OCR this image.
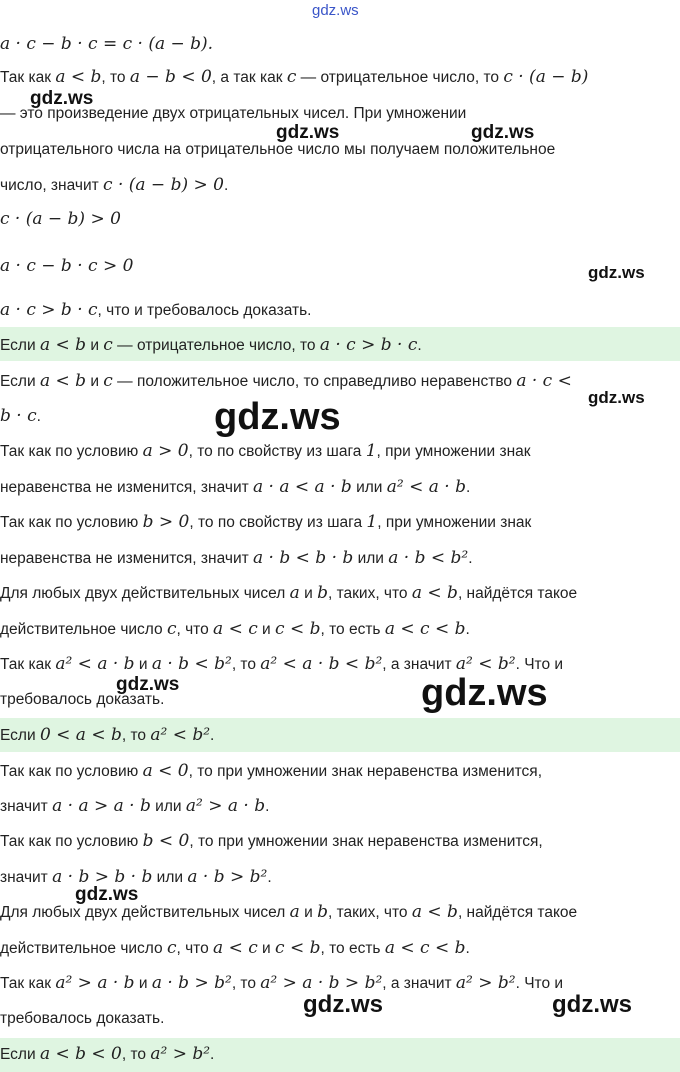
a · c − b · c = c · (a − b).
Так как a < b, то a − b < 0, а так как c — отрицательное число, то c · (a − b)
— это произведение двух отрицательных чисел. При умножении
отрицательного числа на отрицательное число мы получаем положительное
число, значит c · (a − b) > 0.
c · (a − b) > 0
a · c − b · c > 0
a · c > b · c, что и требовалось доказать.
Если a < b и c — отрицательное число, то a · c > b · c.
Если a < b и c — положительное число, то справедливо неравенство a · c <
b · c.
Так как по условию a > 0, то по свойству из шага 1, при умножении знак
неравенства не изменится, значит a · a < a · b или a² < a · b.
Так как по условию b > 0, то по свойству из шага 1, при умножении знак
неравенства не изменится, значит a · b < b · b или a · b < b².
Для любых двух действительных чисел a и b, таких, что a < b, найдётся такое
действительное число c, что a < c и c < b, то есть a < c < b.
Так как a² < a · b и a · b < b², то a² < a · b < b², а значит a² < b². Что и
требовалось доказать.
Если 0 < a < b, то a² < b².
Так как по условию a < 0, то при умножении знак неравенства изменится,
значит a · a > a · b или a² > a · b.
Так как по условию b < 0, то при умножении знак неравенства изменится,
значит a · b > b · b или a · b > b².
Для любых двух действительных чисел a и b, таких, что a < b, найдётся такое
действительное число c, что a < c и c < b, то есть a < c < b.
Так как a² > a · b и a · b > b², то a² > a · b > b², а значит a² > b². Что и
требовалось доказать.
Если a < b < 0, то a² > b².
gdz.ws
gdz.ws
gdz.ws	gdz.ws
gdz.ws
gdz.ws
gdz.ws
gdz.ws	gdz.ws
gdz.ws
gdz.ws	gdz.ws
